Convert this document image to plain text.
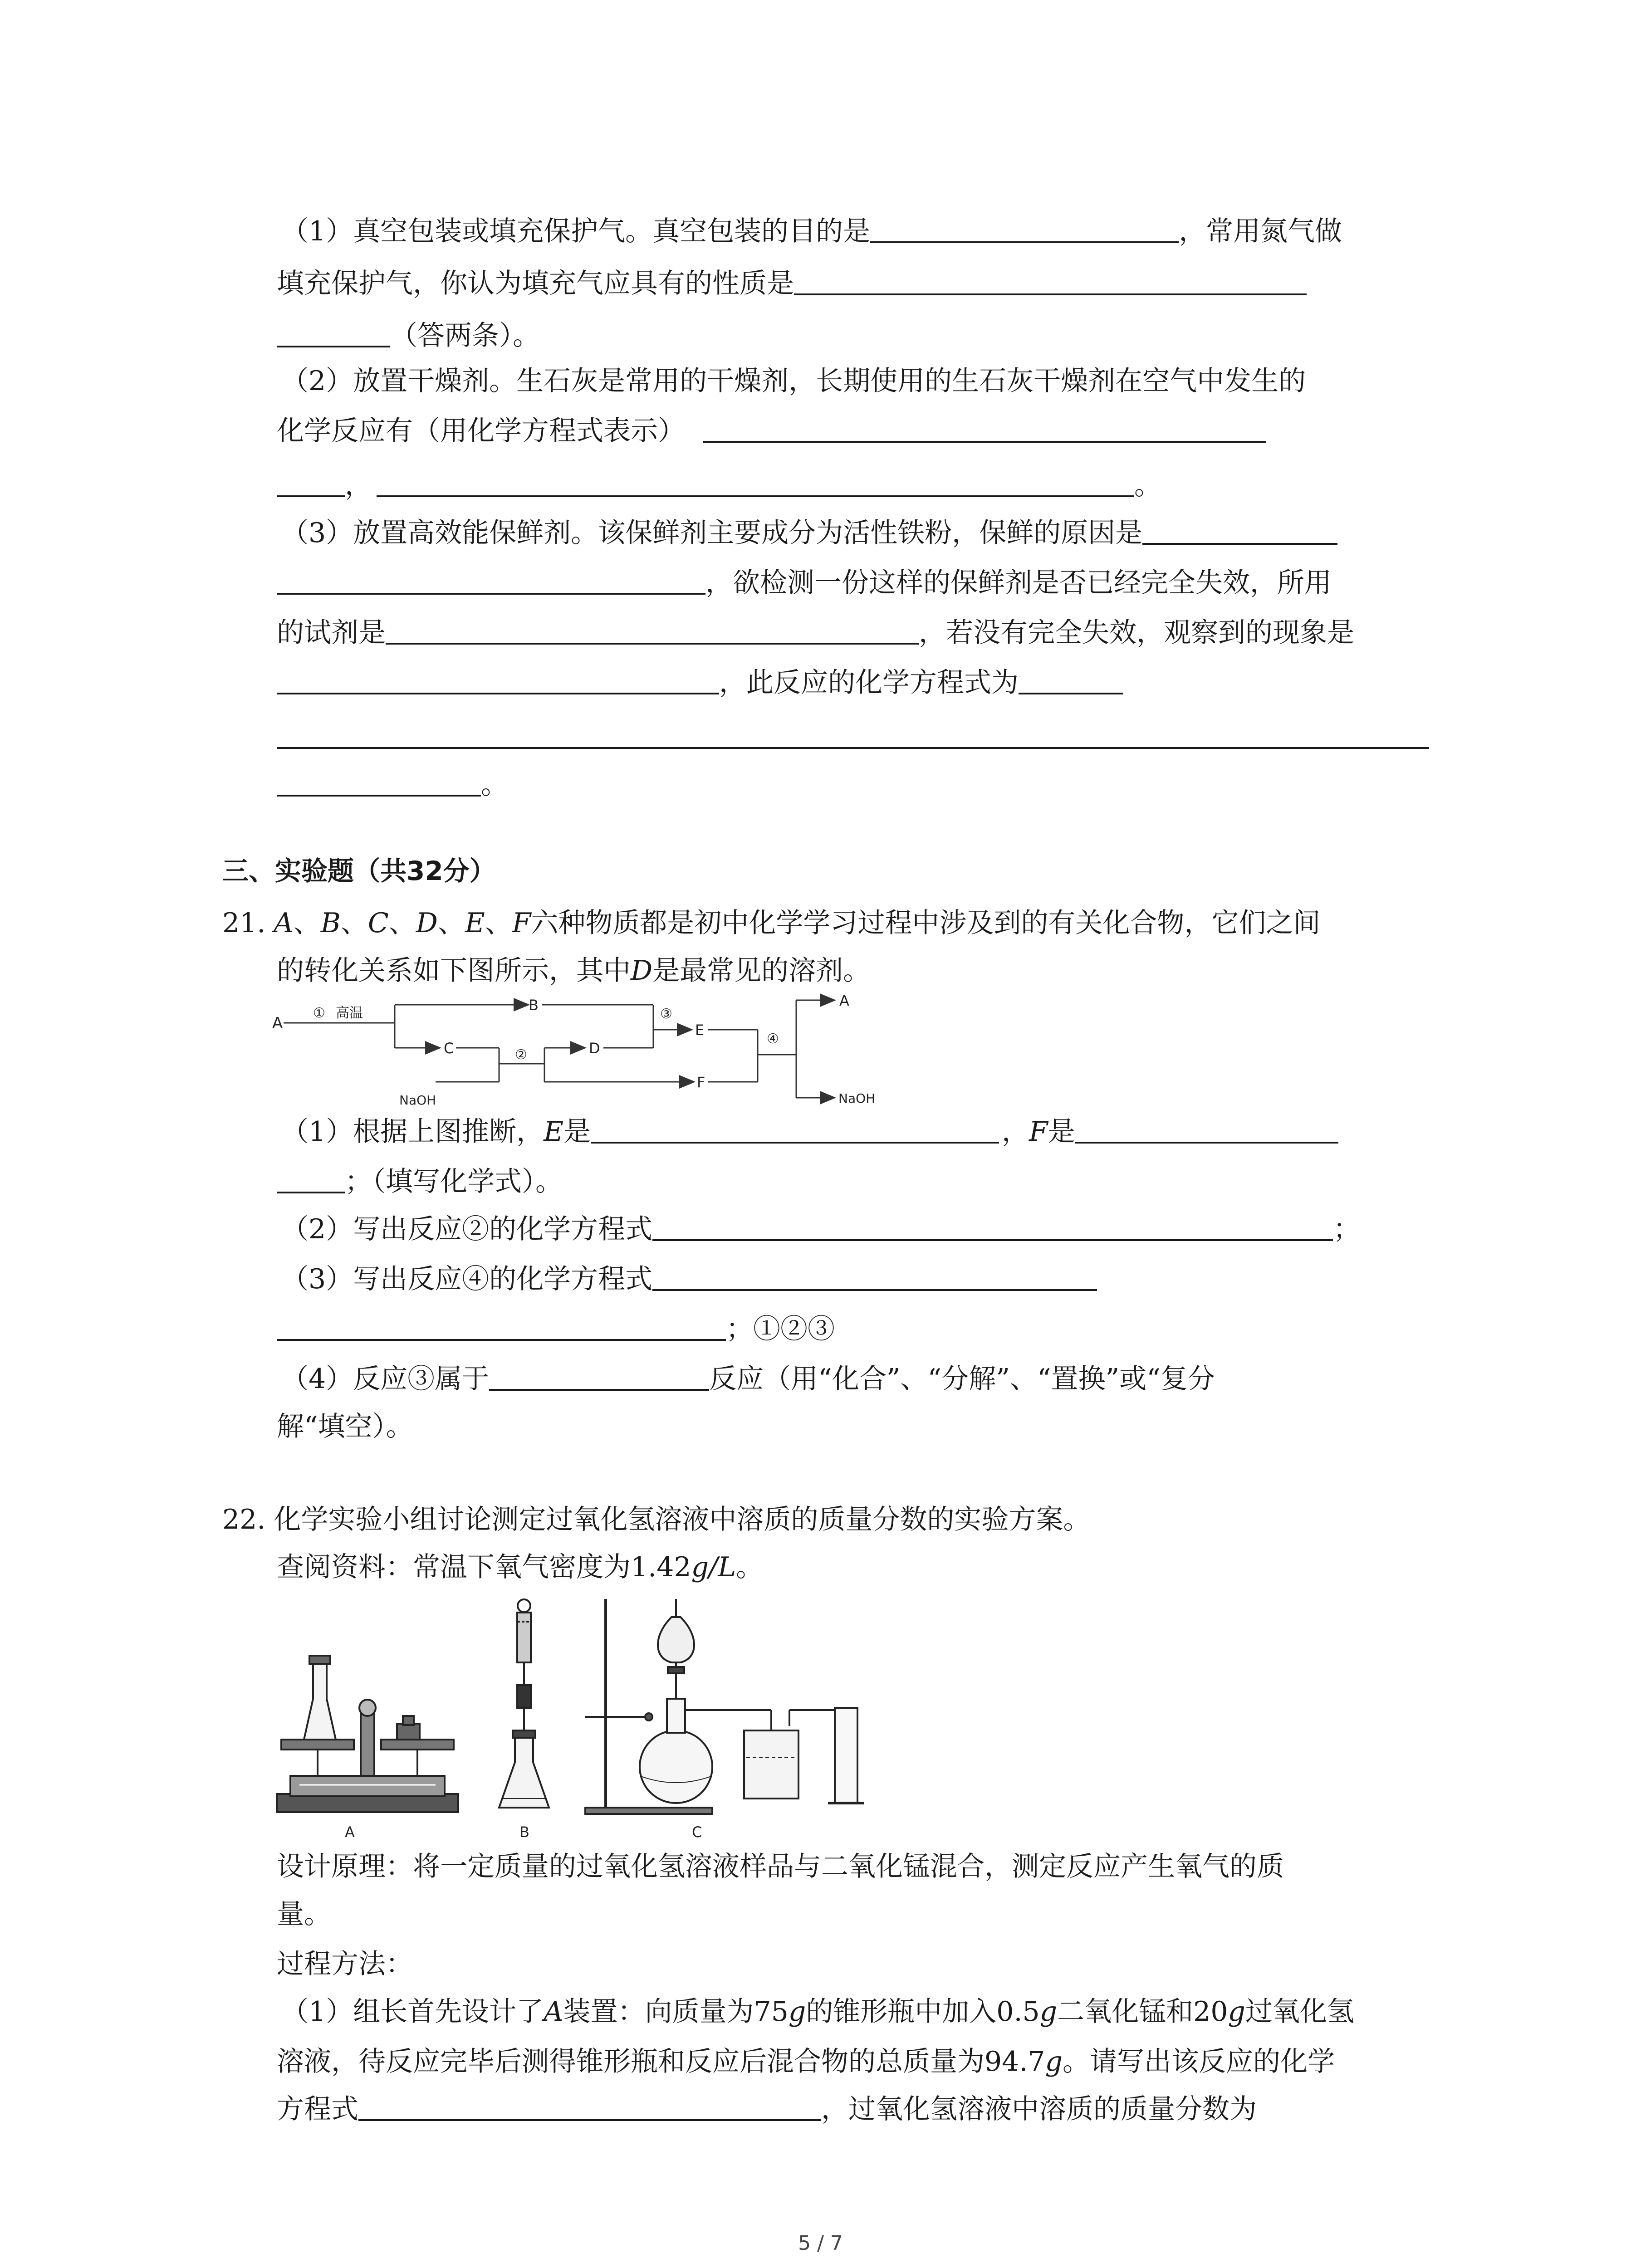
（1）真空包装或填充保护气。真空包装的目的是	，常用氮气做
填充保护气，你认为填充气应具有的性质是
（答两条）。
（2）放置干燥剂。生石灰是常用的干燥剂，长期使用的生石灰干燥剂在空气中发生的
化学反应有（用化学方程式表示）
，	。
（3）放置高效能保鲜剂。该保鲜剂主要成分为活性铁粉，保鲜的原因是
，欲检测一份这样的保鲜剂是否已经完全失效，所用
的试剂是	，若没有完全失效，观察到的现象是
，此反应的化学方程式为
。
三、实验题（共32分）
21. A、B、C、D、E、F六种物质都是初中化学学习过程中涉及到的有关化合物，它们之间
的转化关系如下图所示，其中D是最常见的溶剂。
A
① 高温	B
C
NaOH
②	D
③
E
F
④
A
NaOH
（1）根据上图推断，E是	，F是
；（填写化学式）。
（2）写出反应②的化学方程式	；
（3）写出反应④的化学方程式
；①②③
（4）反应③属于	反应（用“化合”、“分解”、“置换”或“复分
解“填空）。
22. 化学实验小组讨论测定过氧化氢溶液中溶质的质量分数的实验方案。
查阅资料：常温下氧气密度为1.42g/L。
A	B	C
设计原理：将一定质量的过氧化氢溶液样品与二氧化锰混合，测定反应产生氧气的质
量。
过程方法：
（1）组长首先设计了A装置：向质量为75g的锥形瓶中加入0.5g二氧化锰和20g过氧化氢
溶液，待反应完毕后测得锥形瓶和反应后混合物的总质量为94.7g。请写出该反应的化学
方程式	，过氧化氢溶液中溶质的质量分数为
5 / 7
